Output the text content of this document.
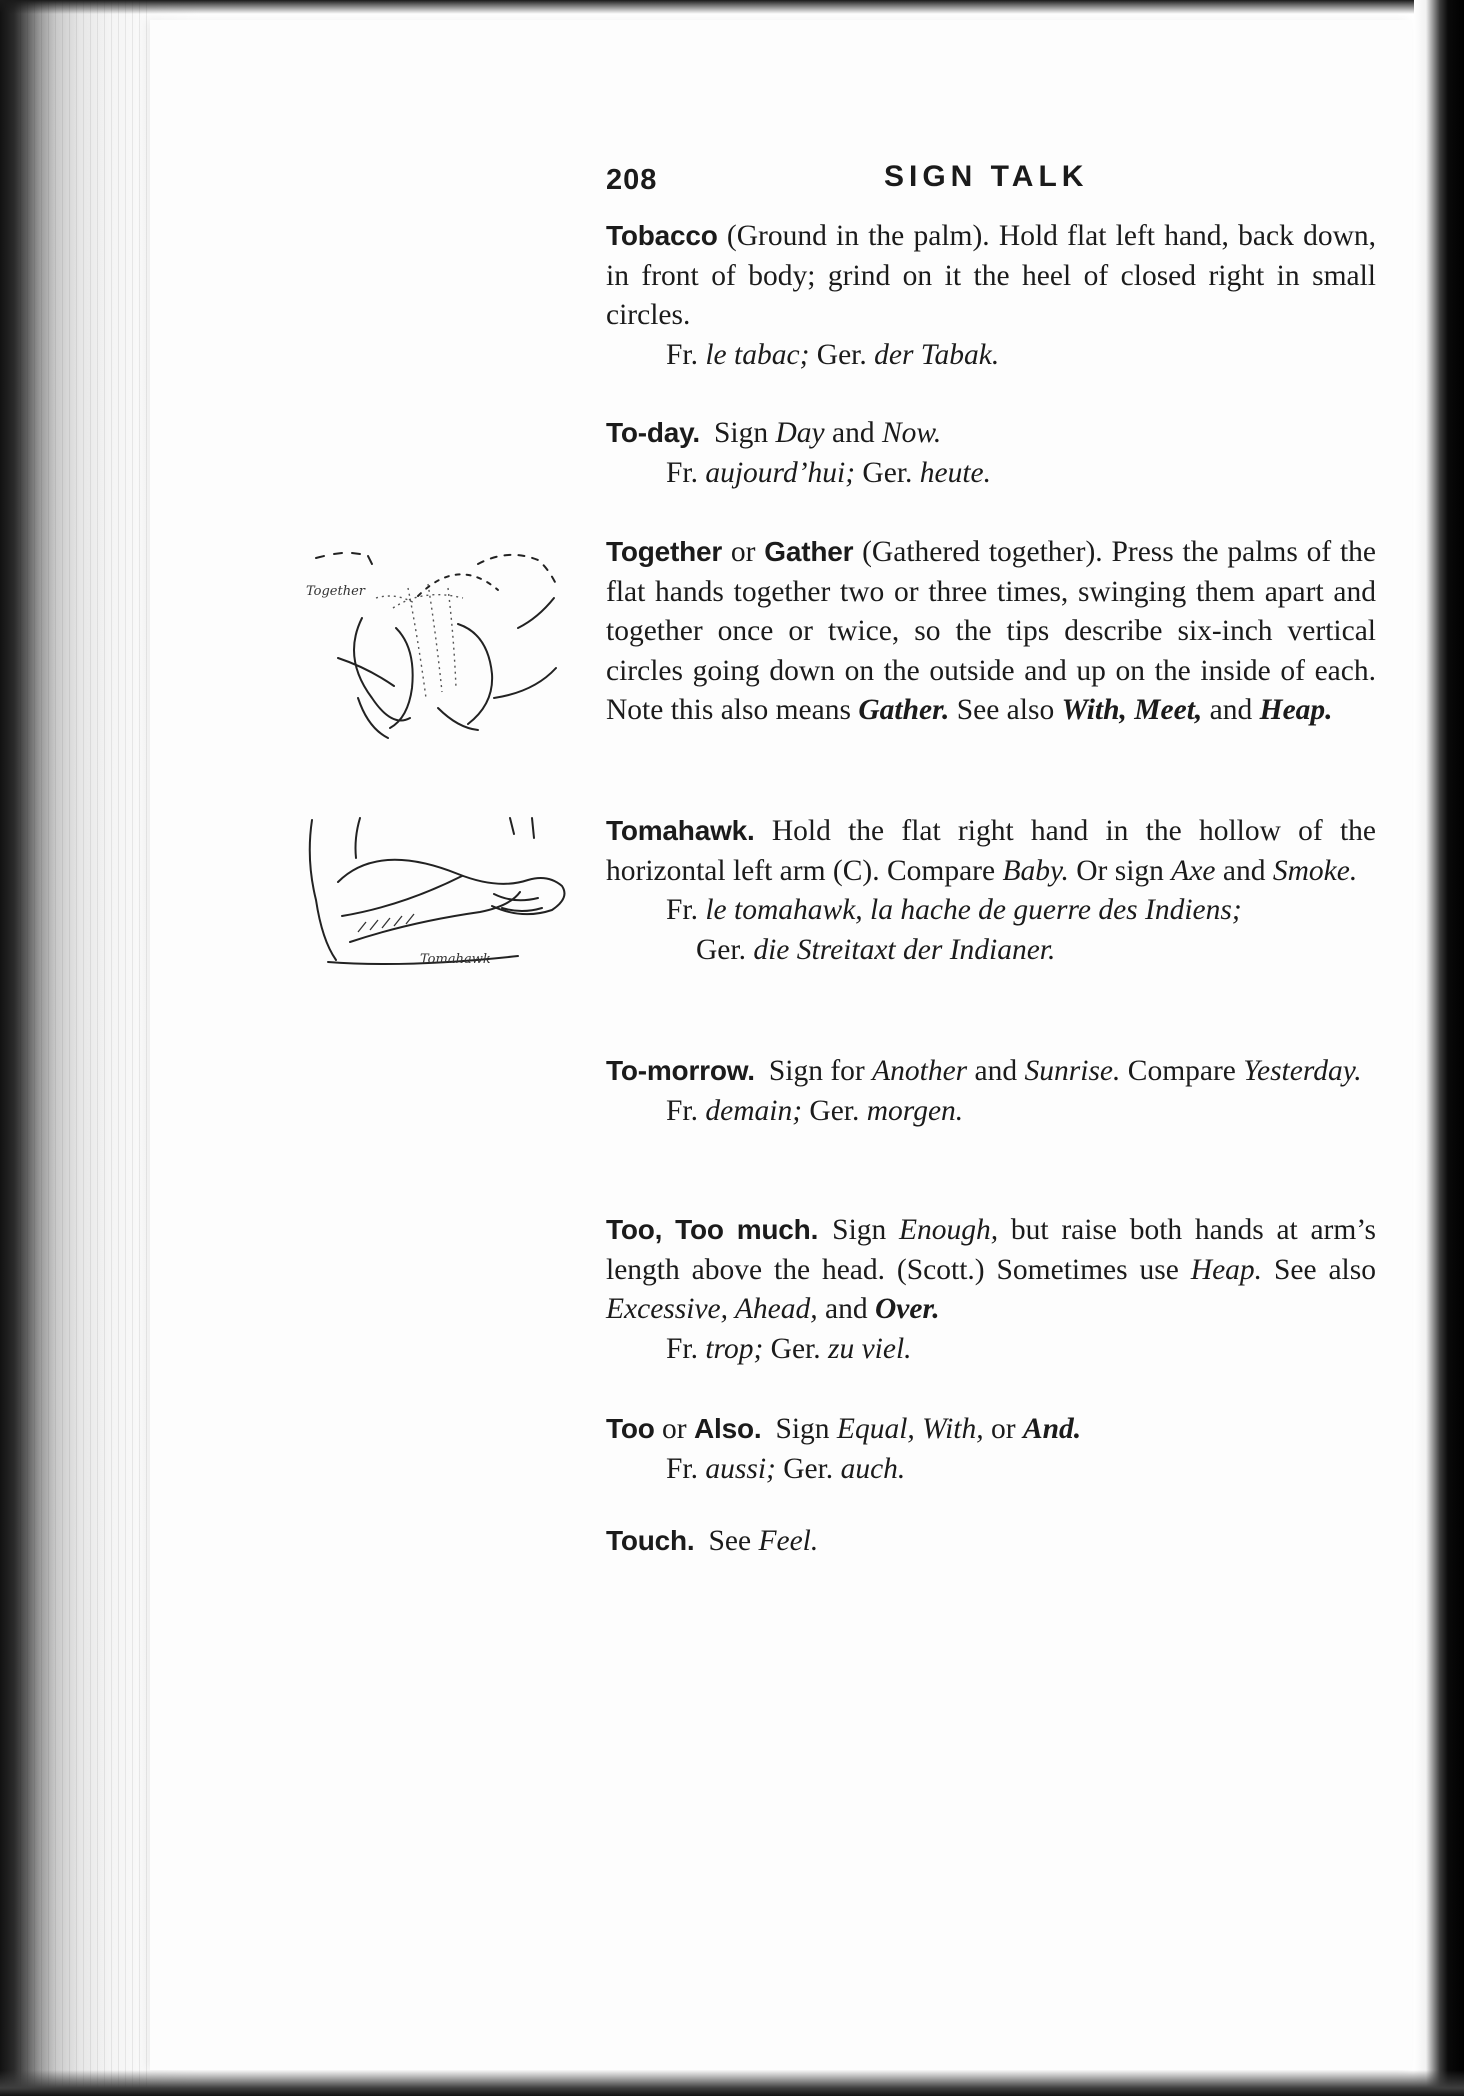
208	SIGN TALK

Tobacco (Ground in the palm). Hold flat left hand, back down, in front of body; grind on it the heel of closed right in small circles.

Fr. le tabac; Ger. der Tabak.

To-day. Sign Day and Now.

Fr. aujourd’hui; Ger. heute.

Together

Together or Gather (Gathered together). Press the palms of the flat hands together two or three times, swinging them apart and together once or twice, so the tips describe six-inch vertical circles going down on the outside and up on the inside of each. Note this also means Gather. See also With, Meet, and Heap.

Tomahawk

Tomahawk. Hold the flat right hand in the hollow of the horizontal left arm (C). Compare Baby. Or sign Axe and Smoke.

Fr. le tomahawk, la hache de guerre des Indiens;

Ger. die Streitaxt der Indianer.

To-morrow. Sign for Another and Sunrise. Compare Yesterday.

Fr. demain; Ger. morgen.

Too, Too much. Sign Enough, but raise both hands at arm’s length above the head. (Scott.) Sometimes use Heap. See also Excessive, Ahead, and Over.

Fr. trop; Ger. zu viel.

Too or Also. Sign Equal, With, or And.

Fr. aussi; Ger. auch.

Touch. See Feel.
